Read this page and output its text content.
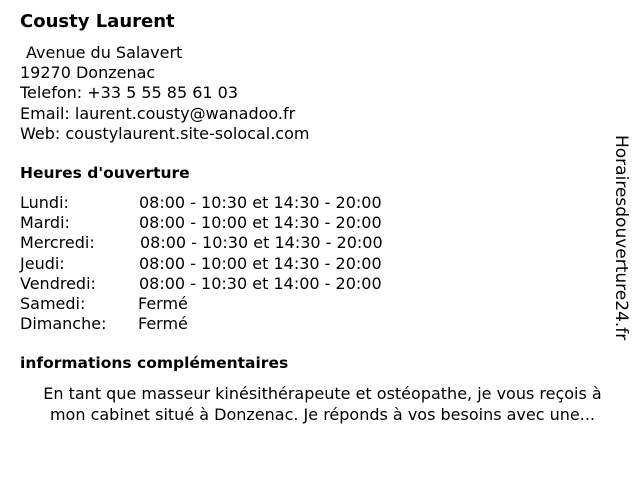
Cousty Laurent
Avenue du Salavert
19270 Donzenac
Telefon: +33 5 55 85 61 03
Email: laurent.cousty@wanadoo.fr
Web: coustylaurent.site-solocal.com
Heures d'ouverture
Lundi:	08:00 - 10:30 et 14:30 - 20:00
Mardi:	08:00 - 10:00 et 14:30 - 20:00
Mercredi:	08:00 - 10:30 et 14:30 - 20:00
Jeudi:	08:00 - 10:00 et 14:30 - 20:00
Vendredi:	08:00 - 10:30 et 14:00 - 20:00
Samedi:	Fermé
Dimanche: Fermé
informations complémentaires
En tant que masseur kinésithérapeute et ostéopathe, je vous reçois à
mon cabinet situé à Donzenac. Je réponds à vos besoins avec une...
Horairesdouverture24.fr
